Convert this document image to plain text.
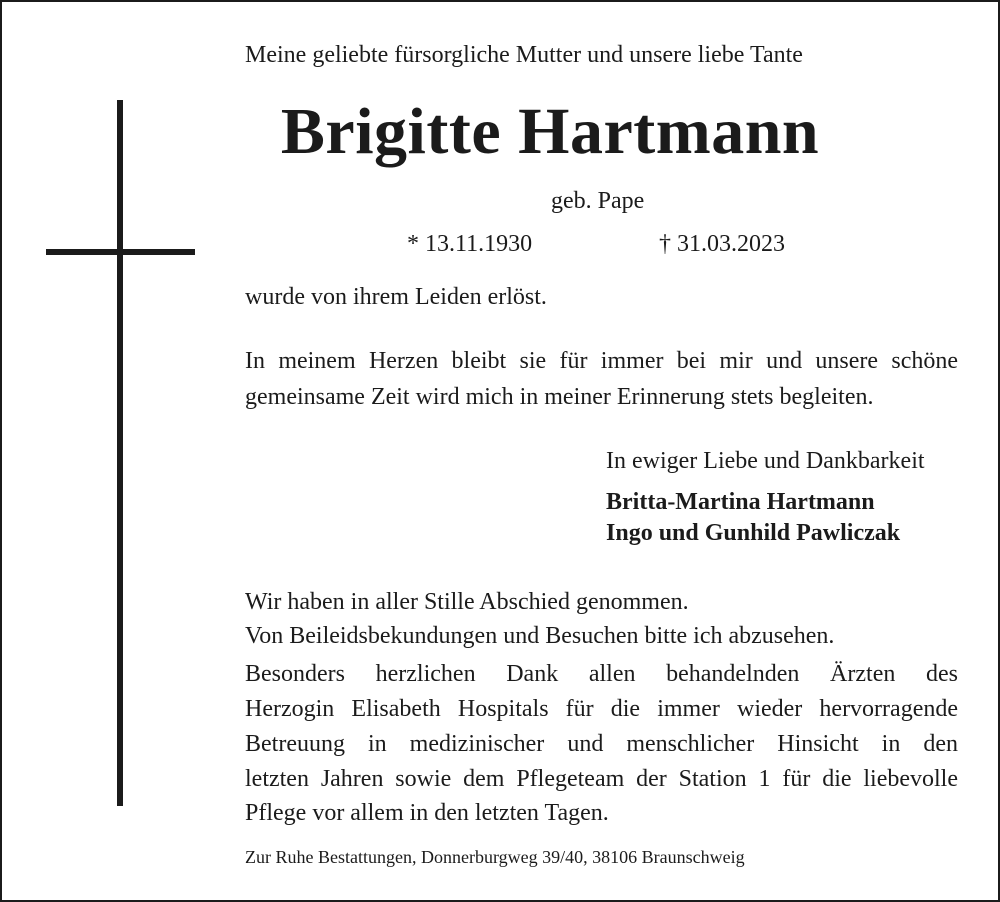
Meine geliebte fürsorgliche Mutter und unsere liebe Tante

Brigitte Hartmann

geb. Pape

* 13.11.1930	† 31.03.2023

wurde von ihrem Leiden erlöst.

In meinem Herzen bleibt sie für immer bei mir und unsere schöne

gemeinsame Zeit wird mich in meiner Erinnerung stets begleiten.

In ewiger Liebe und Dankbarkeit

Britta-Martina Hartmann

Ingo und Gunhild Pawliczak

Wir haben in aller Stille Abschied genommen.

Von Beileidsbekundungen und Besuchen bitte ich abzusehen.

Besonders herzlichen Dank allen behandelnden Ärzten des

Herzogin Elisabeth Hospitals für die immer wieder hervorragende

Betreuung in medizinischer und menschlicher Hinsicht in den

letzten Jahren sowie dem Pflegeteam der Station 1 für die liebevolle

Pflege vor allem in den letzten Tagen.

Zur Ruhe Bestattungen, Donnerburgweg 39/40, 38106 Braunschweig
